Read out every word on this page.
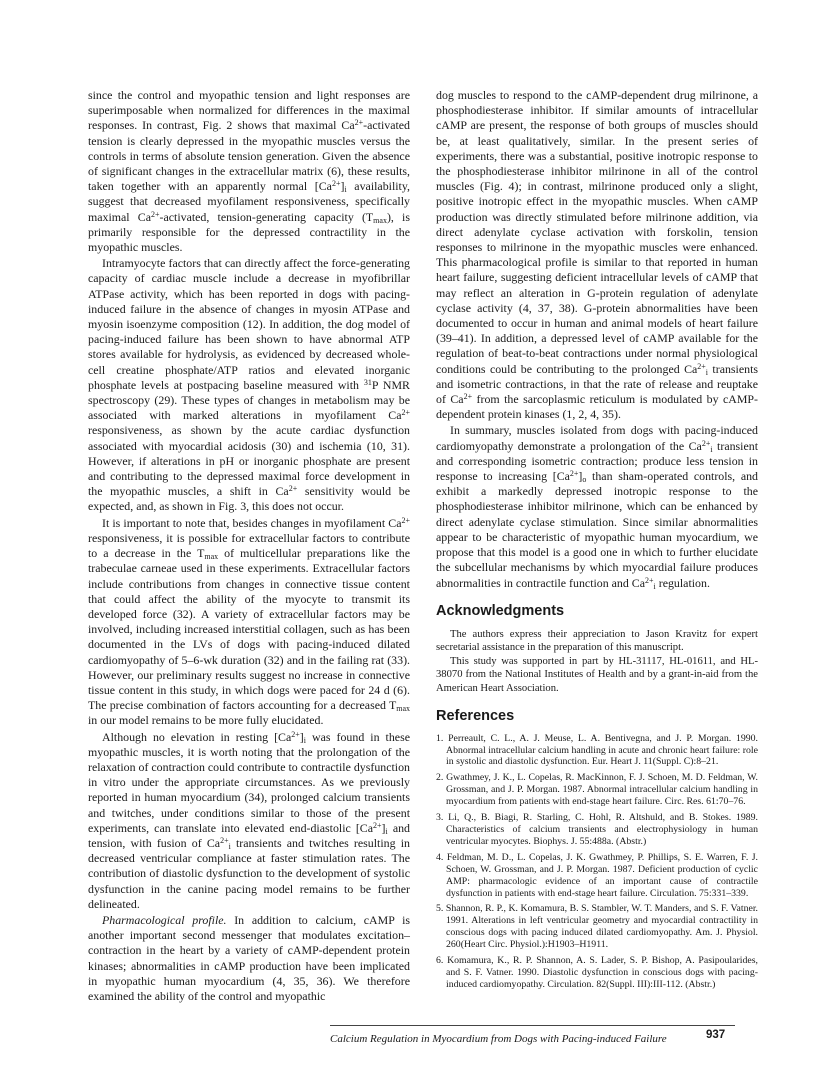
since the control and myopathic tension and light responses are superimposable when normalized for differences in the maximal responses. In contrast, Fig. 2 shows that maximal $Ca^{2+}$-activated tension is clearly depressed in the myopathic muscles versus the controls in terms of absolute tension generation. Given the absence of significant changes in the extracellular matrix (6), these results, taken together with an apparently normal $[Ca^{2+}]_i$ availability, suggest that decreased myofilament responsiveness, specifically maximal $Ca^{2+}$-activated, tension-generating capacity $(T_{max})$, is primarily responsible for the depressed contractility in the myopathic muscles.

Intramyocyte factors that can directly affect the force-generating capacity of cardiac muscle include a decrease in myofibrillar ATPase activity, which has been reported in dogs with pacing-induced failure in the absence of changes in myosin ATPase and myosin isoenzyme composition (12). In addition, the dog model of pacing-induced failure has been shown to have abnormal ATP stores available for hydrolysis, as evidenced by decreased whole-cell creatine phosphate/ATP ratios and elevated inorganic phosphate levels at postpacing baseline measured with $^{31}$P NMR spectroscopy (29). These types of changes in metabolism may be associated with marked alterations in myofilament $Ca^{2+}$ responsiveness, as shown by the acute cardiac dysfunction associated with myocardial acidosis (30) and ischemia (10, 31). However, if alterations in pH or inorganic phosphate are present and contributing to the depressed maximal force development in the myopathic muscles, a shift in $Ca^{2+}$ sensitivity would be expected, and, as shown in Fig. 3, this does not occur.

It is important to note that, besides changes in myofilament $Ca^{2+}$ responsiveness, it is possible for extracellular factors to contribute to a decrease in the $T_{max}$ of multicellular preparations like the trabeculae carneae used in these experiments. Extracellular factors include contributions from changes in connective tissue content that could affect the ability of the myocyte to transmit its developed force (32). A variety of extracellular factors may be involved, including increased interstitial collagen, such as has been documented in the LVs of dogs with pacing-induced dilated cardiomyopathy of 5–6-wk duration (32) and in the failing rat (33). However, our preliminary results suggest no increase in connective tissue content in this study, in which dogs were paced for 24 d (6). The precise combination of factors accounting for a decreased $T_{max}$ in our model remains to be more fully elucidated.

Although no elevation in resting $[Ca^{2+}]_i$ was found in these myopathic muscles, it is worth noting that the prolongation of the relaxation of contraction could contribute to contractile dysfunction in vitro under the appropriate circumstances. As we previously reported in human myocardium (34), prolonged calcium transients and twitches, under conditions similar to those of the present experiments, can translate into elevated end-diastolic $[Ca^{2+}]_i$ and tension, with fusion of $Ca^{2+}_i$ transients and twitches resulting in decreased ventricular compliance at faster stimulation rates. The contribution of diastolic dysfunction to the development of systolic dysfunction in the canine pacing model remains to be further delineated.

Pharmacological profile. In addition to calcium, cAMP is another important second messenger that modulates excitation–contraction in the heart by a variety of cAMP-dependent protein kinases; abnormalities in cAMP production have been implicated in myopathic human myocardium (4, 35, 36). We therefore examined the ability of the control and myopathic

dog muscles to respond to the cAMP-dependent drug milrinone, a phosphodiesterase inhibitor. If similar amounts of intracellular cAMP are present, the response of both groups of muscles should be, at least qualitatively, similar. In the present series of experiments, there was a substantial, positive inotropic response to the phosphodiesterase inhibitor milrinone in all of the control muscles (Fig. 4); in contrast, milrinone produced only a slight, positive inotropic effect in the myopathic muscles. When cAMP production was directly stimulated before milrinone addition, via direct adenylate cyclase activation with forskolin, tension responses to milrinone in the myopathic muscles were enhanced. This pharmacological profile is similar to that reported in human heart failure, suggesting deficient intracellular levels of cAMP that may reflect an alteration in G-protein regulation of adenylate cyclase activity (4, 37, 38). G-protein abnormalities have been documented to occur in human and animal models of heart failure (39–41). In addition, a depressed level of cAMP available for the regulation of beat-to-beat contractions under normal physiological conditions could be contributing to the prolonged $Ca^{2+}_i$ transients and isometric contractions, in that the rate of release and reuptake of $Ca^{2+}$ from the sarcoplasmic reticulum is modulated by cAMP-dependent protein kinases (1, 2, 4, 35).

In summary, muscles isolated from dogs with pacing-induced cardiomyopathy demonstrate a prolongation of the $Ca^{2+}_i$ transient and corresponding isometric contraction; produce less tension in response to increasing $[Ca^{2+}]_o$ than sham-operated controls, and exhibit a markedly depressed inotropic response to the phosphodiesterase inhibitor milrinone, which can be enhanced by direct adenylate cyclase stimulation. Since similar abnormalities appear to be characteristic of myopathic human myocardium, we propose that this model is a good one in which to further elucidate the subcellular mechanisms by which myocardial failure produces abnormalities in contractile function and $Ca^{2+}_i$ regulation.

Acknowledgments

The authors express their appreciation to Jason Kravitz for expert secretarial assistance in the preparation of this manuscript.

This study was supported in part by HL-31117, HL-01611, and HL-38070 from the National Institutes of Health and by a grant-in-aid from the American Heart Association.

References
1. Perreault, C. L., A. J. Meuse, L. A. Bentivegna, and J. P. Morgan. 1990. Abnormal intracellular calcium handling in acute and chronic heart failure: role in systolic and diastolic dysfunction. Eur. Heart J. 11(Suppl. C):8–21.
2. Gwathmey, J. K., L. Copelas, R. MacKinnon, F. J. Schoen, M. D. Feldman, W. Grossman, and J. P. Morgan. 1987. Abnormal intracellular calcium handling in myocardium from patients with end-stage heart failure. Circ. Res. 61:70–76.
3. Li, Q., B. Biagi, R. Starling, C. Hohl, R. Altshuld, and B. Stokes. 1989. Characteristics of calcium transients and electrophysiology in human ventricular myocytes. Biophys. J. 55:488a. (Abstr.)
4. Feldman, M. D., L. Copelas, J. K. Gwathmey, P. Phillips, S. E. Warren, F. J. Schoen, W. Grossman, and J. P. Morgan. 1987. Deficient production of cyclic AMP: pharmacologic evidence of an important cause of contractile dysfunction in patients with end-stage heart failure. Circulation. 75:331–339.
5. Shannon, R. P., K. Komamura, B. S. Stambler, W. T. Manders, and S. F. Vatner. 1991. Alterations in left ventricular geometry and myocardial contractility in conscious dogs with pacing induced dilated cardiomyopathy. Am. J. Physiol. 260(Heart Circ. Physiol.):H1903–H1911.
6. Komamura, K., R. P. Shannon, A. S. Lader, S. P. Bishop, A. Pasipoularides, and S. F. Vatner. 1990. Diastolic dysfunction in conscious dogs with pacing-induced cardiomyopathy. Circulation. 82(Suppl. III):III-112. (Abstr.)
Calcium Regulation in Myocardium from Dogs with Pacing-induced Failure	937
